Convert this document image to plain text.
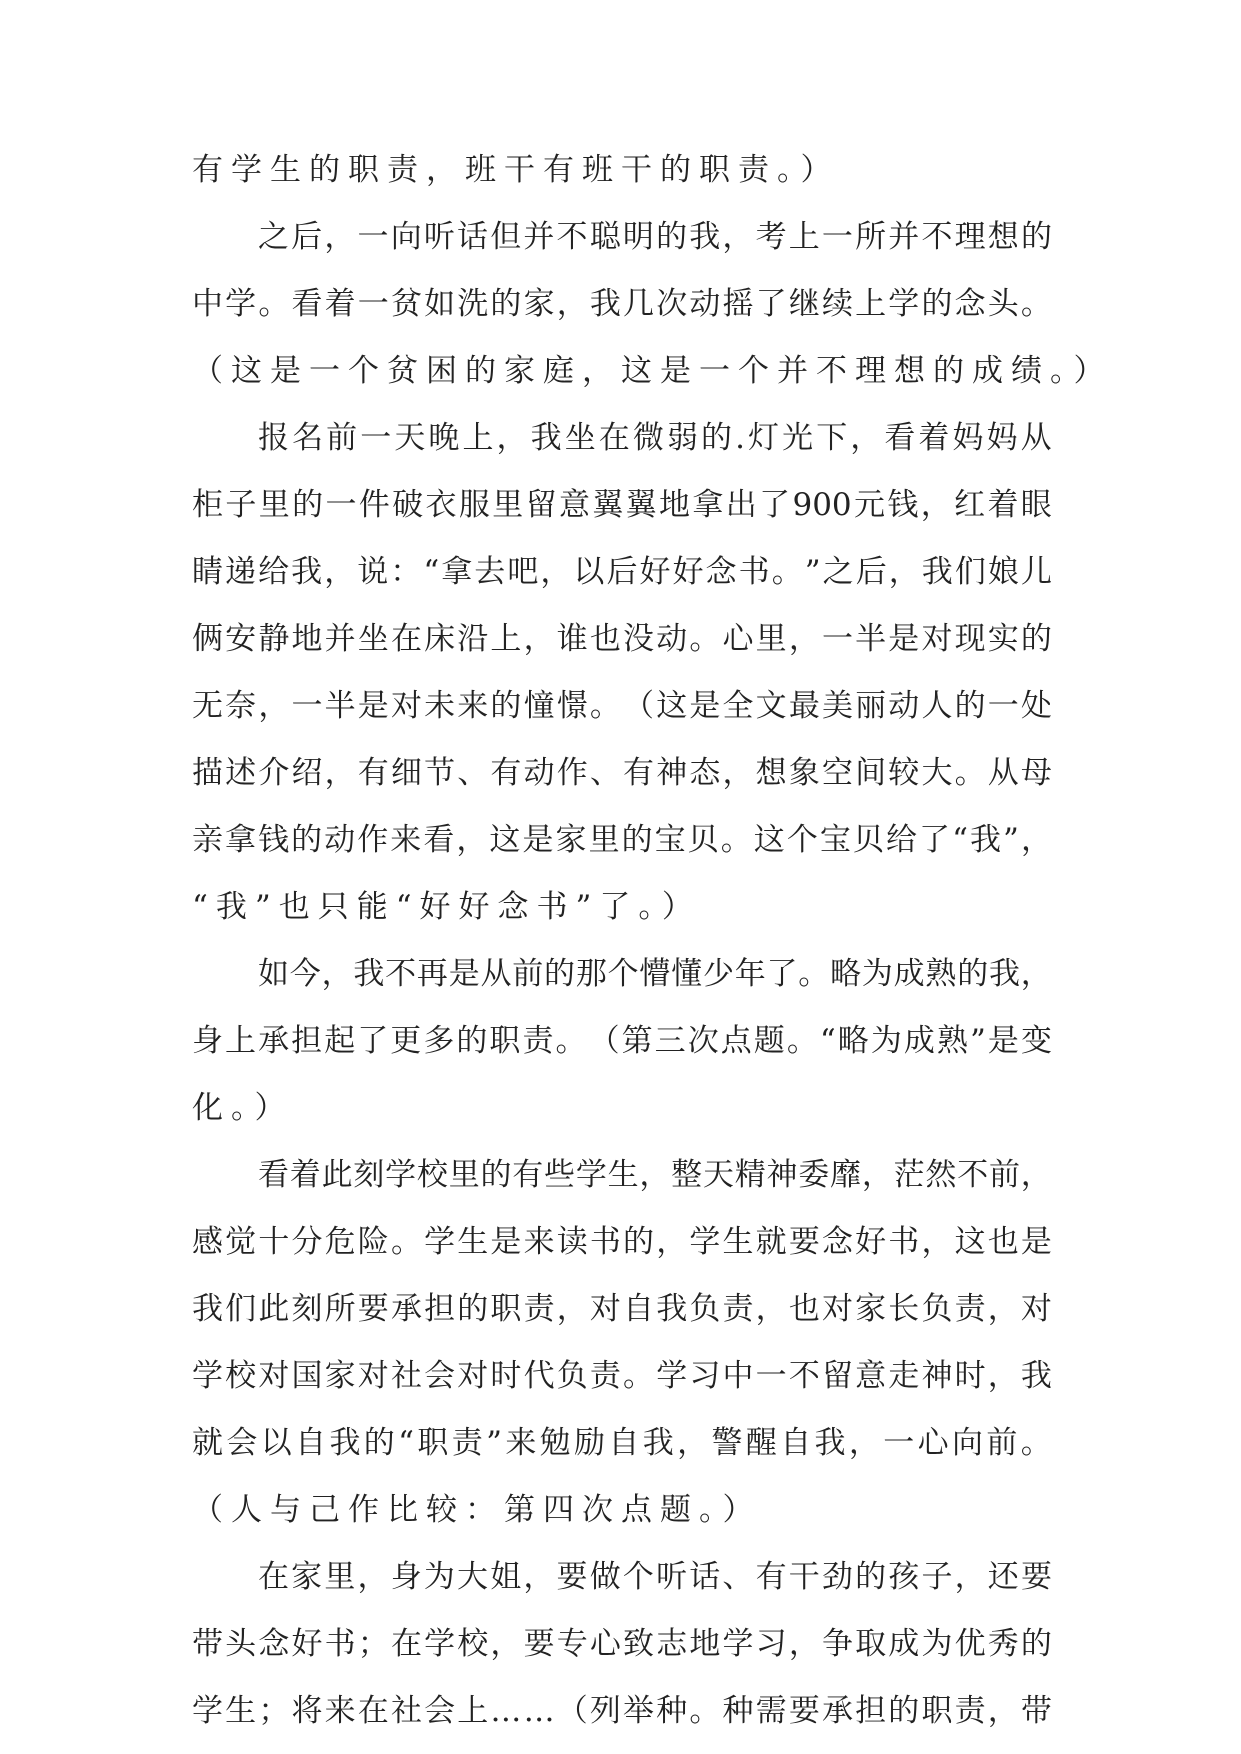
有学生的职责，班干有班干的职责。）
之 后 ， 一 向 听 话 但 并 不 聪 明 的 我 ， 考 上 一 所 并 不 理 想 的
中 学 。 看 着 一 贫 如 洗 的 家 ， 我 几 次 动 摇 了 继 续 上 学 的 念 头 。
（这是一个贫困的家庭，这是一个并不理想的成绩。）
报 名 前 一 天 晚 上 ， 我 坐 在 微 弱 的 . 灯 光 下 ， 看 着 妈 妈 从
柜 子 里 的 一 件 破 衣 服 里 留 意 翼 翼 地 拿 出 了 900 元 钱 ， 红 着 眼
睛 递 给 我 ， 说 ： “ 拿 去 吧 ， 以 后 好 好 念 书 。 ” 之 后 ， 我 们 娘 儿
俩 安 静 地 并 坐 在 床 沿 上 ， 谁 也 没 动 。 心 里 ， 一 半 是 对 现 实 的
无 奈 ， 一 半 是 对 未 来 的 憧 憬 。 （ 这 是 全 文 最 美 丽 动 人 的 一 处
描 述 介 绍 ， 有 细 节 、 有 动 作 、 有 神 态 ， 想 象 空 间 较 大 。 从 母
亲 拿 钱 的 动 作 来 看 ， 这 是 家 里 的 宝 贝 。 这 个 宝 贝 给 了 “ 我 ” ，
“我”也只能“好好念书”了。）
如 今 ， 我 不 再 是 从 前 的 那 个 懵 懂 少 年 了 。 略 为 成 熟 的 我 ，
身 上 承 担 起 了 更 多 的 职 责 。 （ 第 三 次 点 题 。 “ 略 为 成 熟 ” 是 变
化。）
看 着 此 刻 学 校 里 的 有 些 学 生 ， 整 天 精 神 委 靡 ， 茫 然 不 前 ，
感 觉 十 分 危 险 。 学 生 是 来 读 书 的 ， 学 生 就 要 念 好 书 ， 这 也 是
我 们 此 刻 所 要 承 担 的 职 责 ， 对 自 我 负 责 ， 也 对 家 长 负 责 ， 对
学 校 对 国 家 对 社 会 对 时 代 负 责 。 学 习 中 一 不 留 意 走 神 时 ， 我
就 会 以 自 我 的 “ 职 责 ” 来 勉 励 自 我 ， 警 醒 自 我 ， 一 心 向 前 。
（人与己作比较：第四次点题。）
在 家 里 ， 身 为 大 姐 ， 要 做 个 听 话 、 有 干 劲 的 孩 子 ， 还 要
带 头 念 好 书 ； 在 学 校 ， 要 专 心 致 志 地 学 习 ， 争 取 成 为 优 秀 的
学 生 ； 将 来 在 社 会 上 … … （ 列 举 种 。 种 需 要 承 担 的 职 责 ， 带
